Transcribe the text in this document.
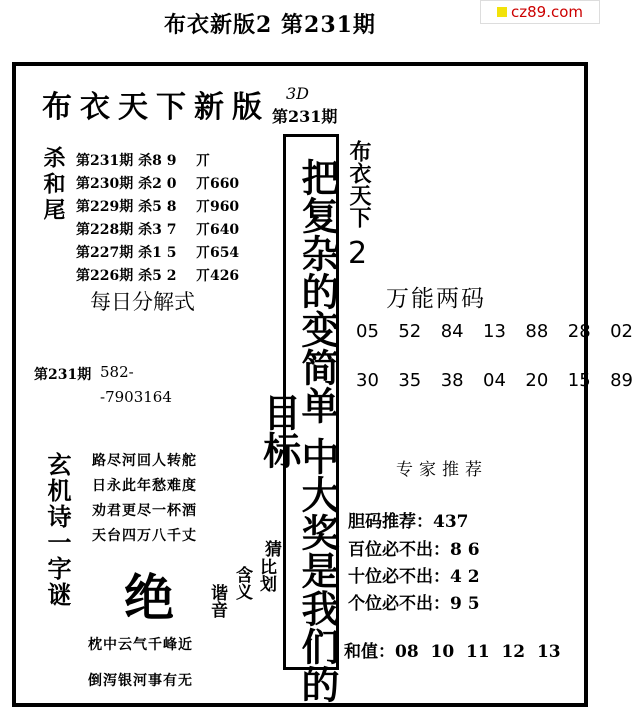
布衣新版2 第231期	cz89.com
布衣天下新版 3D
第231期
杀和尾 第231期 杀8 9    丌
第230期 杀2 0    丌660
第229期 杀5 8    丌960
第228期 杀3 7    丌640
第227期 杀1 5    丌654
第226期 杀5 2    丌426
每日分解式
第231期 582-
-7903164
玄机诗一字谜 路尽河回人转舵
日永此年愁难度
劝君更尽一杯酒
天台四万八千丈
绝 谐音
含义 比划
猜
枕中云气千峰近
倒泻银河事有无	把复杂的变简单 中大奖是我们的目标
布衣天下
2
万能两码
05  52  84  13  88  28  02
30  35  38  04  20  15  89
专家推荐
胆码推荐：437
百位必不出：8 6
十位必不出：4 2
个位必不出：9 5
和值：08  10  11  12  13
